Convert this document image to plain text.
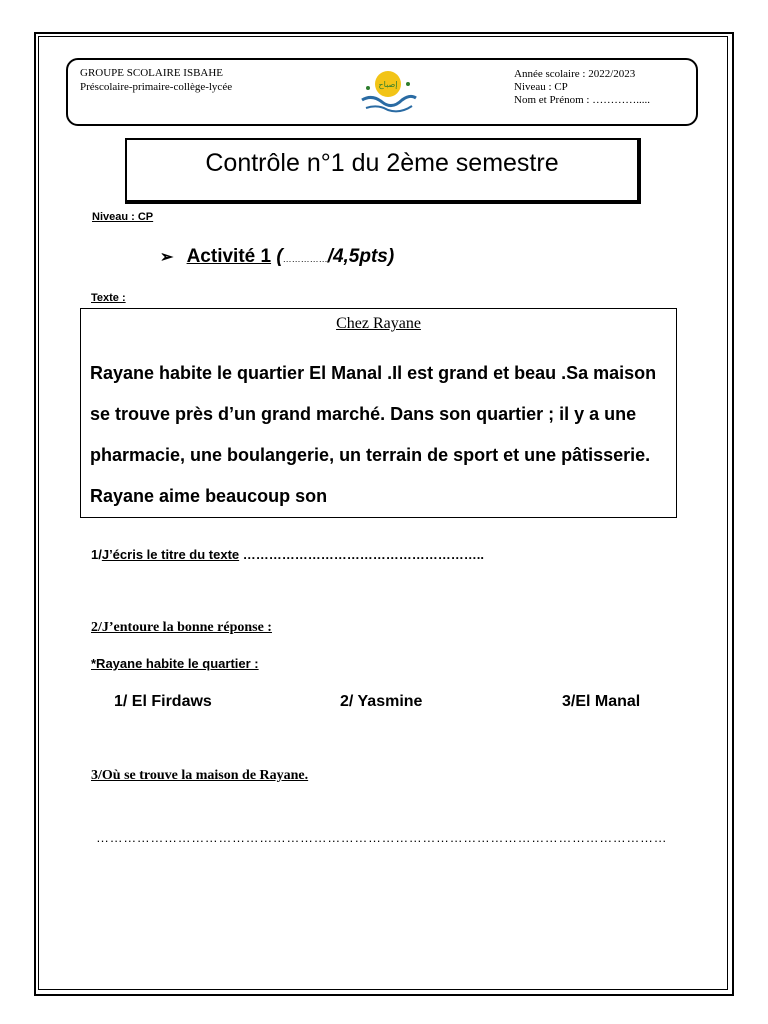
GROUPE SCOLAIRE ISBAHE
Préscolaire-primaire-collège-lycée	إصباح
Année scolaire : 2022/2023
Niveau : CP
Nom et Prénom : ………….....
Contrôle n°1 du 2ème semestre
Niveau : CP
➢ Activité 1 (……………/4,5pts)
Texte :
Chez Rayane

Rayane habite le quartier El Manal .Il est grand et beau .Sa maison se trouve près d’un grand marché. Dans son quartier ; il y a une pharmacie, une boulangerie, un terrain de sport et une pâtisserie. Rayane aime beaucoup son

1/J’écris le titre du texte ………………………………………………..
2/J’entoure la bonne réponse :
*Rayane habite le quartier :
1/ El Firdaws	2/ Yasmine	3/El Manal
3/Où se trouve la maison de Rayane.
………………………………………………………………………………………………………………
